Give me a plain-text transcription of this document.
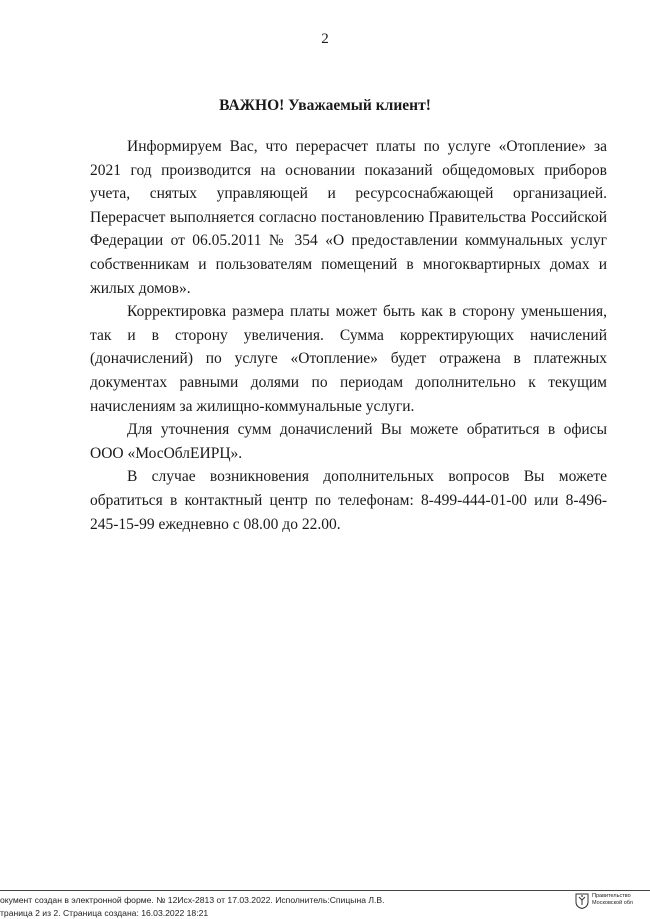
2
ВАЖНО! Уважаемый клиент!

Информируем Вас, что перерасчет платы по услуге «Отопление» за 2021 год производится на основании показаний общедомовых приборов учета, снятых управляющей и ресурсоснабжающей организацией. Перерасчет выполняется согласно постановлению Правительства Российской Федерации от 06.05.2011 № 354 «О предоставлении коммунальных услуг собственникам и пользователям помещений в многоквартирных домах и жилых домов».

Корректировка размера платы может быть как в сторону уменьшения, так и в сторону увеличения. Сумма корректирующих начислений (доначислений) по услуге «Отопление» будет отражена в платежных документах равными долями по периодам дополнительно к текущим начислениям за жилищно-коммунальные услуги.

Для уточнения сумм доначислений Вы можете обратиться в офисы ООО «МосОблЕИРЦ».

В случае возникновения дополнительных вопросов Вы можете обратиться в контактный центр по телефонам: 8-499-444-01-00 или 8-496-245-15-99 ежедневно с 08.00 до 22.00.

окумент создан в электронной форме. № 12Исх-2813 от 17.03.2022. Исполнитель:Спицына Л.В.
траница 2 из 2. Страница создана: 16.03.2022 18:21
Правительство
Московской обл
